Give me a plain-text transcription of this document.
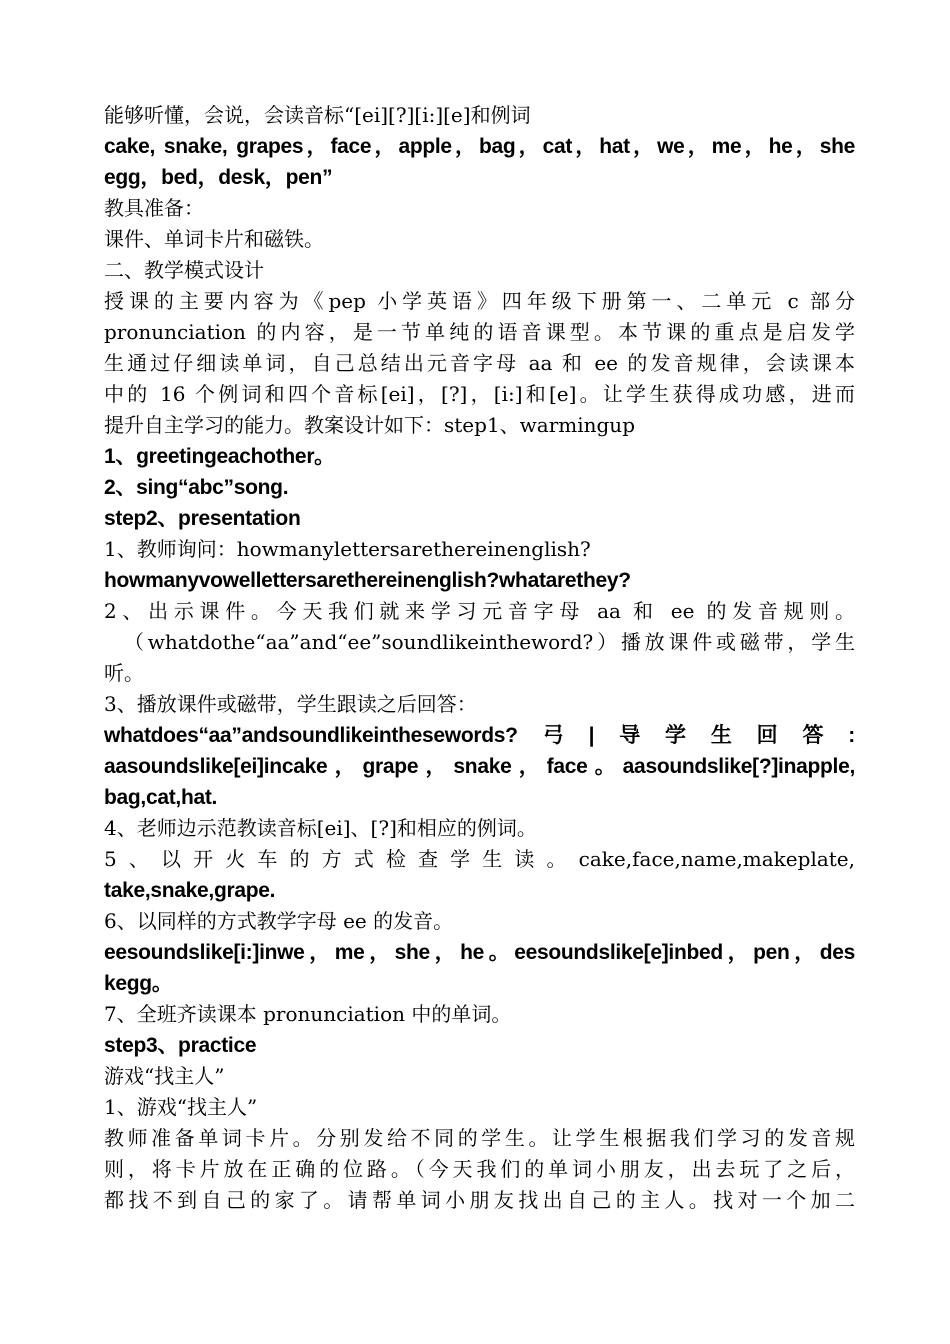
能够听懂，会说，会读音标“[ei][?][i:][e]和例词
cake, snake, grapes，face，apple，bag，cat，hat，we，me，he，she
egg，bed，desk，pen”
教具准备：
课件、单词卡片和磁铁。
二、教学模式设计
授课的主要内容为《pep 小学英语》四年级下册第一、二单元 c 部分
pronunciation 的内容，是一节单纯的语音课型。本节课的重点是启发学
生通过仔细读单词，自己总结出元音字母 aa 和 ee 的发音规律，会读课本
中的 16 个例词和四个音标[ei]，[?]，[i:]和[e]。让学生获得成功感，进而
提升自主学习的能力。教案设计如下：step1、warmingup
1、greetingeachother。
2、sing“abc”song.
step2、presentation
1、教师询问：howmanylettersarethereinenglish?
howmanyvowellettersarethereinenglish?whatarethey?
2、出示课件。今天我们就来学习元音字母 aa 和 ee 的发音规则。
（whatdothe“aa”and“ee”soundlikeintheword?）播放课件或磁带，学生
听。
3、播放课件或磁带，学生跟读之后回答：
whatdoes“aa”andsoundlikeinthesewords?弓|导学生回答:
aasoundslike[ei]incake，grape，snake，face。aasoundslike[?]inapple,
bag,cat,hat.
4、老师边示范教读音标[ei]、[?]和相应的例词。
5、以开火车的方式检查学生读。cake,face,name,makeplate,
take,snake,grape.
6、以同样的方式教学字母 ee 的发音。
eesoundslike[i:]inwe，me，she，he。eesoundslike[e]inbed，pen，des
kegg。
7、全班齐读课本 pronunciation 中的单词。
step3、practice
游戏“找主人”
1、游戏“找主人”
教师准备单词卡片。分别发给不同的学生。让学生根据我们学习的发音规
则，将卡片放在正确的位路。（今天我们的单词小朋友，出去玩了之后，
都找不到自己的家了。请帮单词小朋友找出自己的主人。找对一个加二
